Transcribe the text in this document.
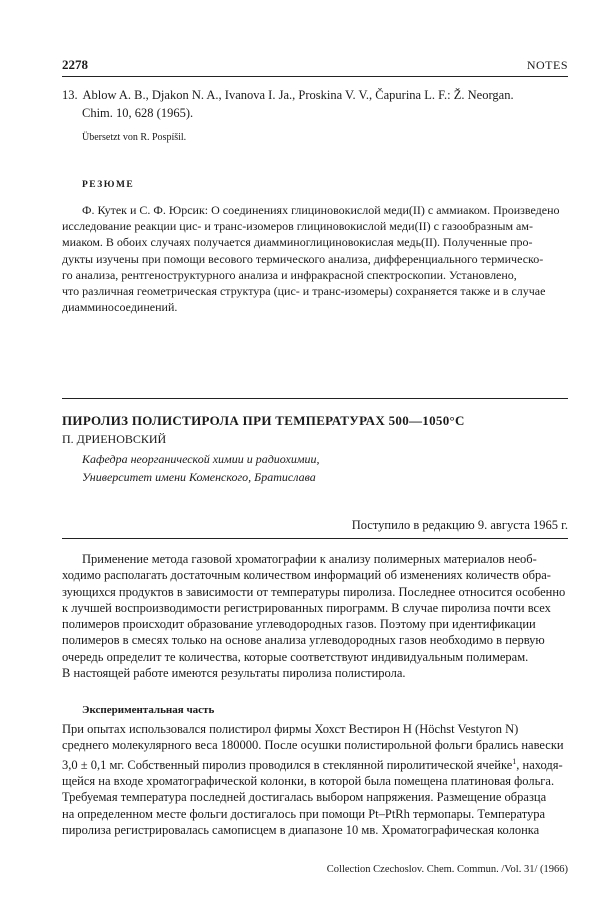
2278	NOTES
13. Ablow A. B., Djakon N. A., Ivanova I. Ja., Proskina V. V., Čapurina L. F.: Ž. Neorgan.
Chim. 10, 628 (1965).
Übersetzt von R. Pospíšil.
РЕЗЮМЕ
Ф. Кутек и С. Ф. Юрсик: О соединениях глициновокислой меди(II) с аммиаком. Произведено
исследование реакции цис- и транс-изомеров глициновокислой меди(II) с газообразным ам-
миаком. В обоих случаях получается диамминоглициновокислая медь(II). Полученные про-
дукты изучены при помощи весового термического анализа, дифференциального термическо-
го анализа, рентгеноструктурного анализа и инфракрасной спектроскопии. Установлено,
что различная геометрическая структура (цис- и транс-изомеры) сохраняется также и в случае
диамминосоединений.
ПИРОЛИЗ ПОЛИСТИРОЛА ПРИ ТЕМПЕРАТУРАХ 500—1050°С
П. ДРИЕНОВСКИЙ
Кафедра неорганической химии и радиохимии,
Университет имени Коменского, Братислава
Поступило в редакцию 9. августа 1965 г.
Применение метода газовой хроматографии к анализу полимерных материалов необ-
ходимо располагать достаточным количеством информаций об изменениях количеств обра-
зующихся продуктов в зависимости от температуры пиролиза. Последнее относится особенно
к лучшей воспроизводимости регистрированных пирограмм. В случае пиролиза почти всех
полимеров происходит образование углеводородных газов. Поэтому при идентификации
полимеров в смесях только на основе анализа углеводородных газов необходимо в первую
очередь определит те количества, которые соответствуют индивидуальным полимерам.
В настоящей работе имеются результаты пиролиза полистирола.
Экспериментальная часть
При опытах использовался полистирол фирмы Хохст Вестирон Н (Höchst Vestyron N)
среднего молекулярного веса 180000. После осушки полистирольной фольги брались навески
3,0 ± 0,1 мг. Собственный пиролиз проводился в стеклянной пиролитической ячейке$^1$, находя-
щейся на входе хроматографической колонки, в которой была помещена платиновая фольга.
Требуемая температура последней достигалась выбором напряжения. Размещение образца
на определенном месте фольги достигалось при помощи Pt–PtRh термопары. Температура
пиролиза регистрировалась самописцем в диапазоне 10 мв. Хроматографическая колонка
Collection Czechoslov. Chem. Commun. /Vol. 31/ (1966)
